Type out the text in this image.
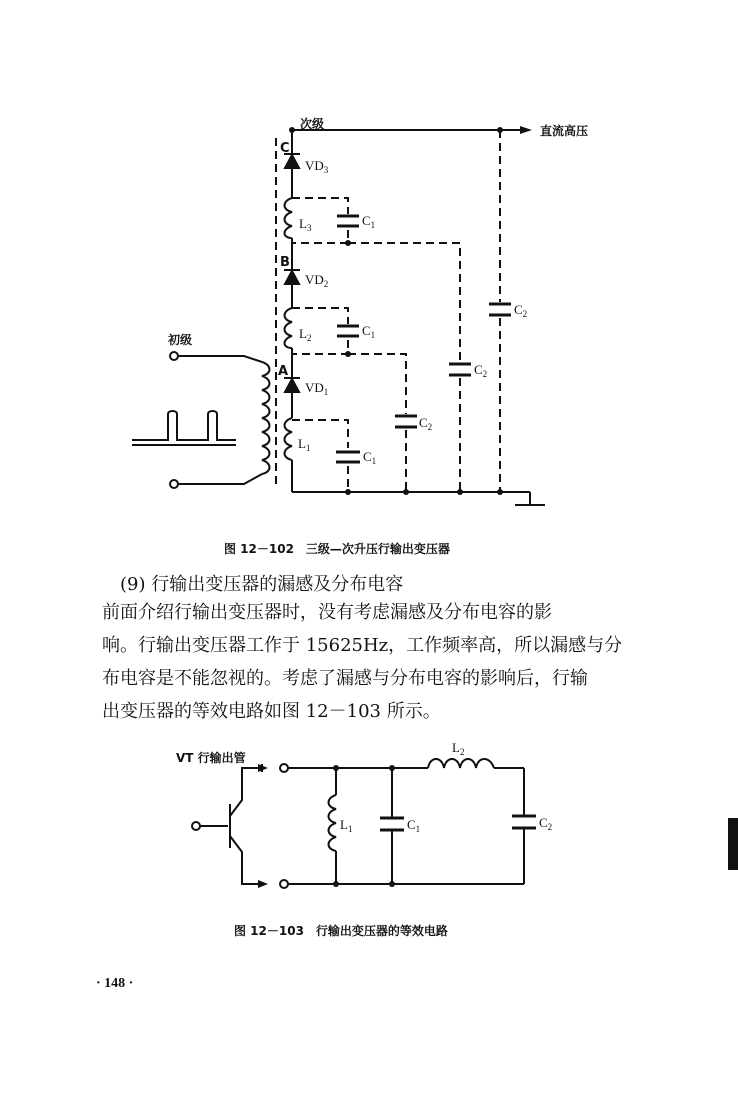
次级	直流高压
初级
C
B
A
$VD_3$
$VD_2$
$VD_1$
$L_3$
$L_2$
$L_1$
$C_1$
$C_1$
$C_1$
$C_2$
$C_2$
$C_2$
图 12－102　三级—次升压行输出变压器
(9) 行输出变压器的漏感及分布电容

前面介绍行输出变压器时，没有考虑漏感及分布电容的影

响。行输出变压器工作于 15625Hz，工作频率高，所以漏感与分

布电容是不能忽视的。考虑了漏感与分布电容的影响后，行输

出变压器的等效电路如图 12－103 所示。

VT 行输出管
$L_1$	$C_1$
$L_2$
$C_2$
图 12－103　行输出变压器的等效电路
· 148 ·
